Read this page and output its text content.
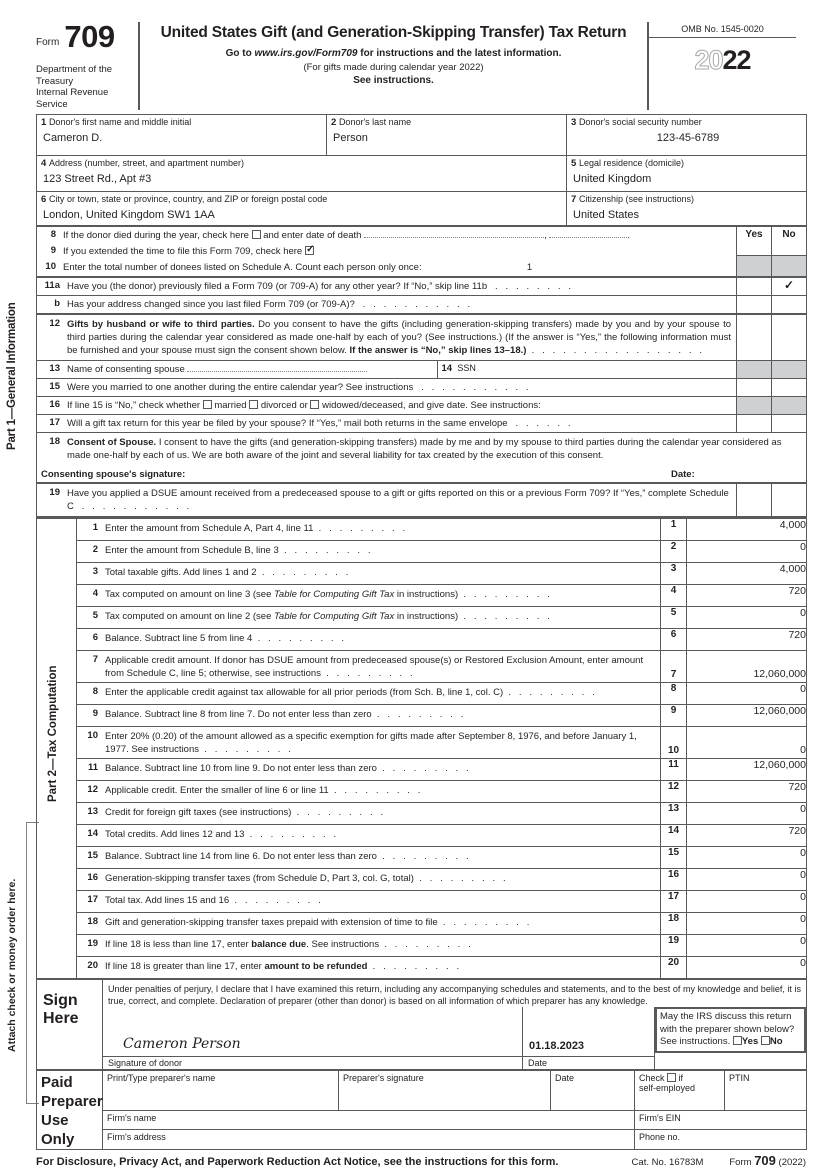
Form 709
Department of the Treasury
Internal Revenue Service
United States Gift (and Generation-Skipping Transfer) Tax Return
Go to www.irs.gov/Form709 for instructions and the latest information.
(For gifts made during calendar year 2022)
See instructions.
OMB No. 1545-0020
2022
Part 1—General Information
Part 2—Tax Computation
Attach check or money order here.
1 Donor's first name and middle initial
Cameron D.	2 Donor's last name
Person	3 Donor's social security number
123-45-6789

4 Address (number, street, and apartment number)
123 Street Rd., Apt #3		5 Legal residence (domicile)
United Kingdom

6 City or town, state or province, country, and ZIP or foreign postal code
London, United Kingdom SW1 1AA		7 Citizenship (see instructions)
United States
8 If the donor died during the year, check here and enter date of death	,	.
9 If you extended the time to file this Form 709, check here ✓
10 Enter the total number of donees listed on Schedule A. Count each person only once:	1
	Yes	No

11a Have you (the donor) previously filed a Form 709 (or 709-A) for any other year? If “No,” skip line 11b  . . . . . . . .		✓

b Has your address changed since you last filed Form 709 (or 709-A)?  . . . . . . . . . . .

12 Gifts by husband or wife to third parties. Do you consent to have the gifts (including generation-skipping transfers) made by you and by your spouse to third parties during the calendar year considered as made one-half by each of you? (See instructions.) (If the answer is “Yes,” the following information must be furnished and your spouse must sign the consent shown below. If the answer is “No,” skip lines 13–18.) . . . . . . . . . . . . . . . . .

13 Name of consenting spouse	14 SSN

15 Were you married to one another during the entire calendar year? See instructions  . . . . . . . . . . .

16 If line 15 is “No,” check whether married divorced or widowed/deceased, and give date. See instructions:

17 Will a gift tax return for this year be filed by your spouse? If “Yes,” mail both returns in the same envelope  . . . . . .

18 Consent of Spouse. I consent to have the gifts (and generation-skipping transfers) made by me and by my spouse to third parties during the calendar year considered as made one-half by each of us. We are both aware of the joint and several liability for tax created by the execution of this consent.
Consenting spouse's signature:	Date:

19 Have you applied a DSUE amount received from a predeceased spouse to a gift or gifts reported on this or a previous Form 709? If “Yes,” complete Schedule C  . . . . . . . . . . .

	1 Enter the amount from Schedule A, Part 4, line 11 . . . . . . . . .	1	4,000

	2 Enter the amount from Schedule B, line 3 . . . . . . . . .	2	0

	3 Total taxable gifts. Add lines 1 and 2 . . . . . . . . .	3	4,000

	4 Tax computed on amount on line 3 (see Table for Computing Gift Tax in instructions) . . . . . . . . .	4	720

	5 Tax computed on amount on line 2 (see Table for Computing Gift Tax in instructions) . . . . . . . . .	5	0

	6 Balance. Subtract line 5 from line 4 . . . . . . . . .	6	720

	7 Applicable credit amount. If donor has DSUE amount from predeceased spouse(s) or Restored Exclusion Amount, enter amount from Schedule C, line 5; otherwise, see instructions . . . . . . . . .	7	12,060,000

	8 Enter the applicable credit against tax allowable for all prior periods (from Sch. B, line 1, col. C) . . . . . . . . .	8	0

	9 Balance. Subtract line 8 from line 7. Do not enter less than zero . . . . . . . . .	9	12,060,000

	10 Enter 20% (0.20) of the amount allowed as a specific exemption for gifts made after September 8, 1976, and before January 1, 1977. See instructions . . . . . . . . .	10	0

	11 Balance. Subtract line 10 from line 9. Do not enter less than zero . . . . . . . . .	11	12,060,000

	12 Applicable credit. Enter the smaller of line 6 or line 11 . . . . . . . . .	12	720

	13 Credit for foreign gift taxes (see instructions) . . . . . . . . .	13	0

	14 Total credits. Add lines 12 and 13 . . . . . . . . .	14	720

	15 Balance. Subtract line 14 from line 6. Do not enter less than zero . . . . . . . . .	15	0

	16 Generation-skipping transfer taxes (from Schedule D, Part 3, col. G, total) . . . . . . . . .	16	0

	17 Total tax. Add lines 15 and 16 . . . . . . . . .	17	0

	18 Gift and generation-skipping transfer taxes prepaid with extension of time to file . . . . . . . . .	18	0

	19 If line 18 is less than line 17, enter balance due. See instructions . . . . . . . . .	19	0

	20 If line 18 is greater than line 17, enter amount to be refunded . . . . . . . . .	20	0
Sign
Here	Under penalties of perjury, I declare that I have examined this return, including any accompanying schedules and statements, and to the best of my knowledge and belief, it is true, correct, and complete. Declaration of preparer (other than donor) is based on all information of which preparer has any knowledge.		

Cameron Person
Signature of donor

01.18.2023
Date

May the IRS discuss this return
with the preparer shown below?
See instructions. Yes No
Paid
Preparer
Use Only

Print/Type preparer's name	Preparer's signature	Date	Check if
self-employed

PTIN

	Firm's name			Firm's EIN	

	Firm's address			Phone no.	
For Disclosure, Privacy Act, and Paperwork Reduction Act Notice, see the instructions for this form.	Cat. No. 16783M	Form 709 (2022)
